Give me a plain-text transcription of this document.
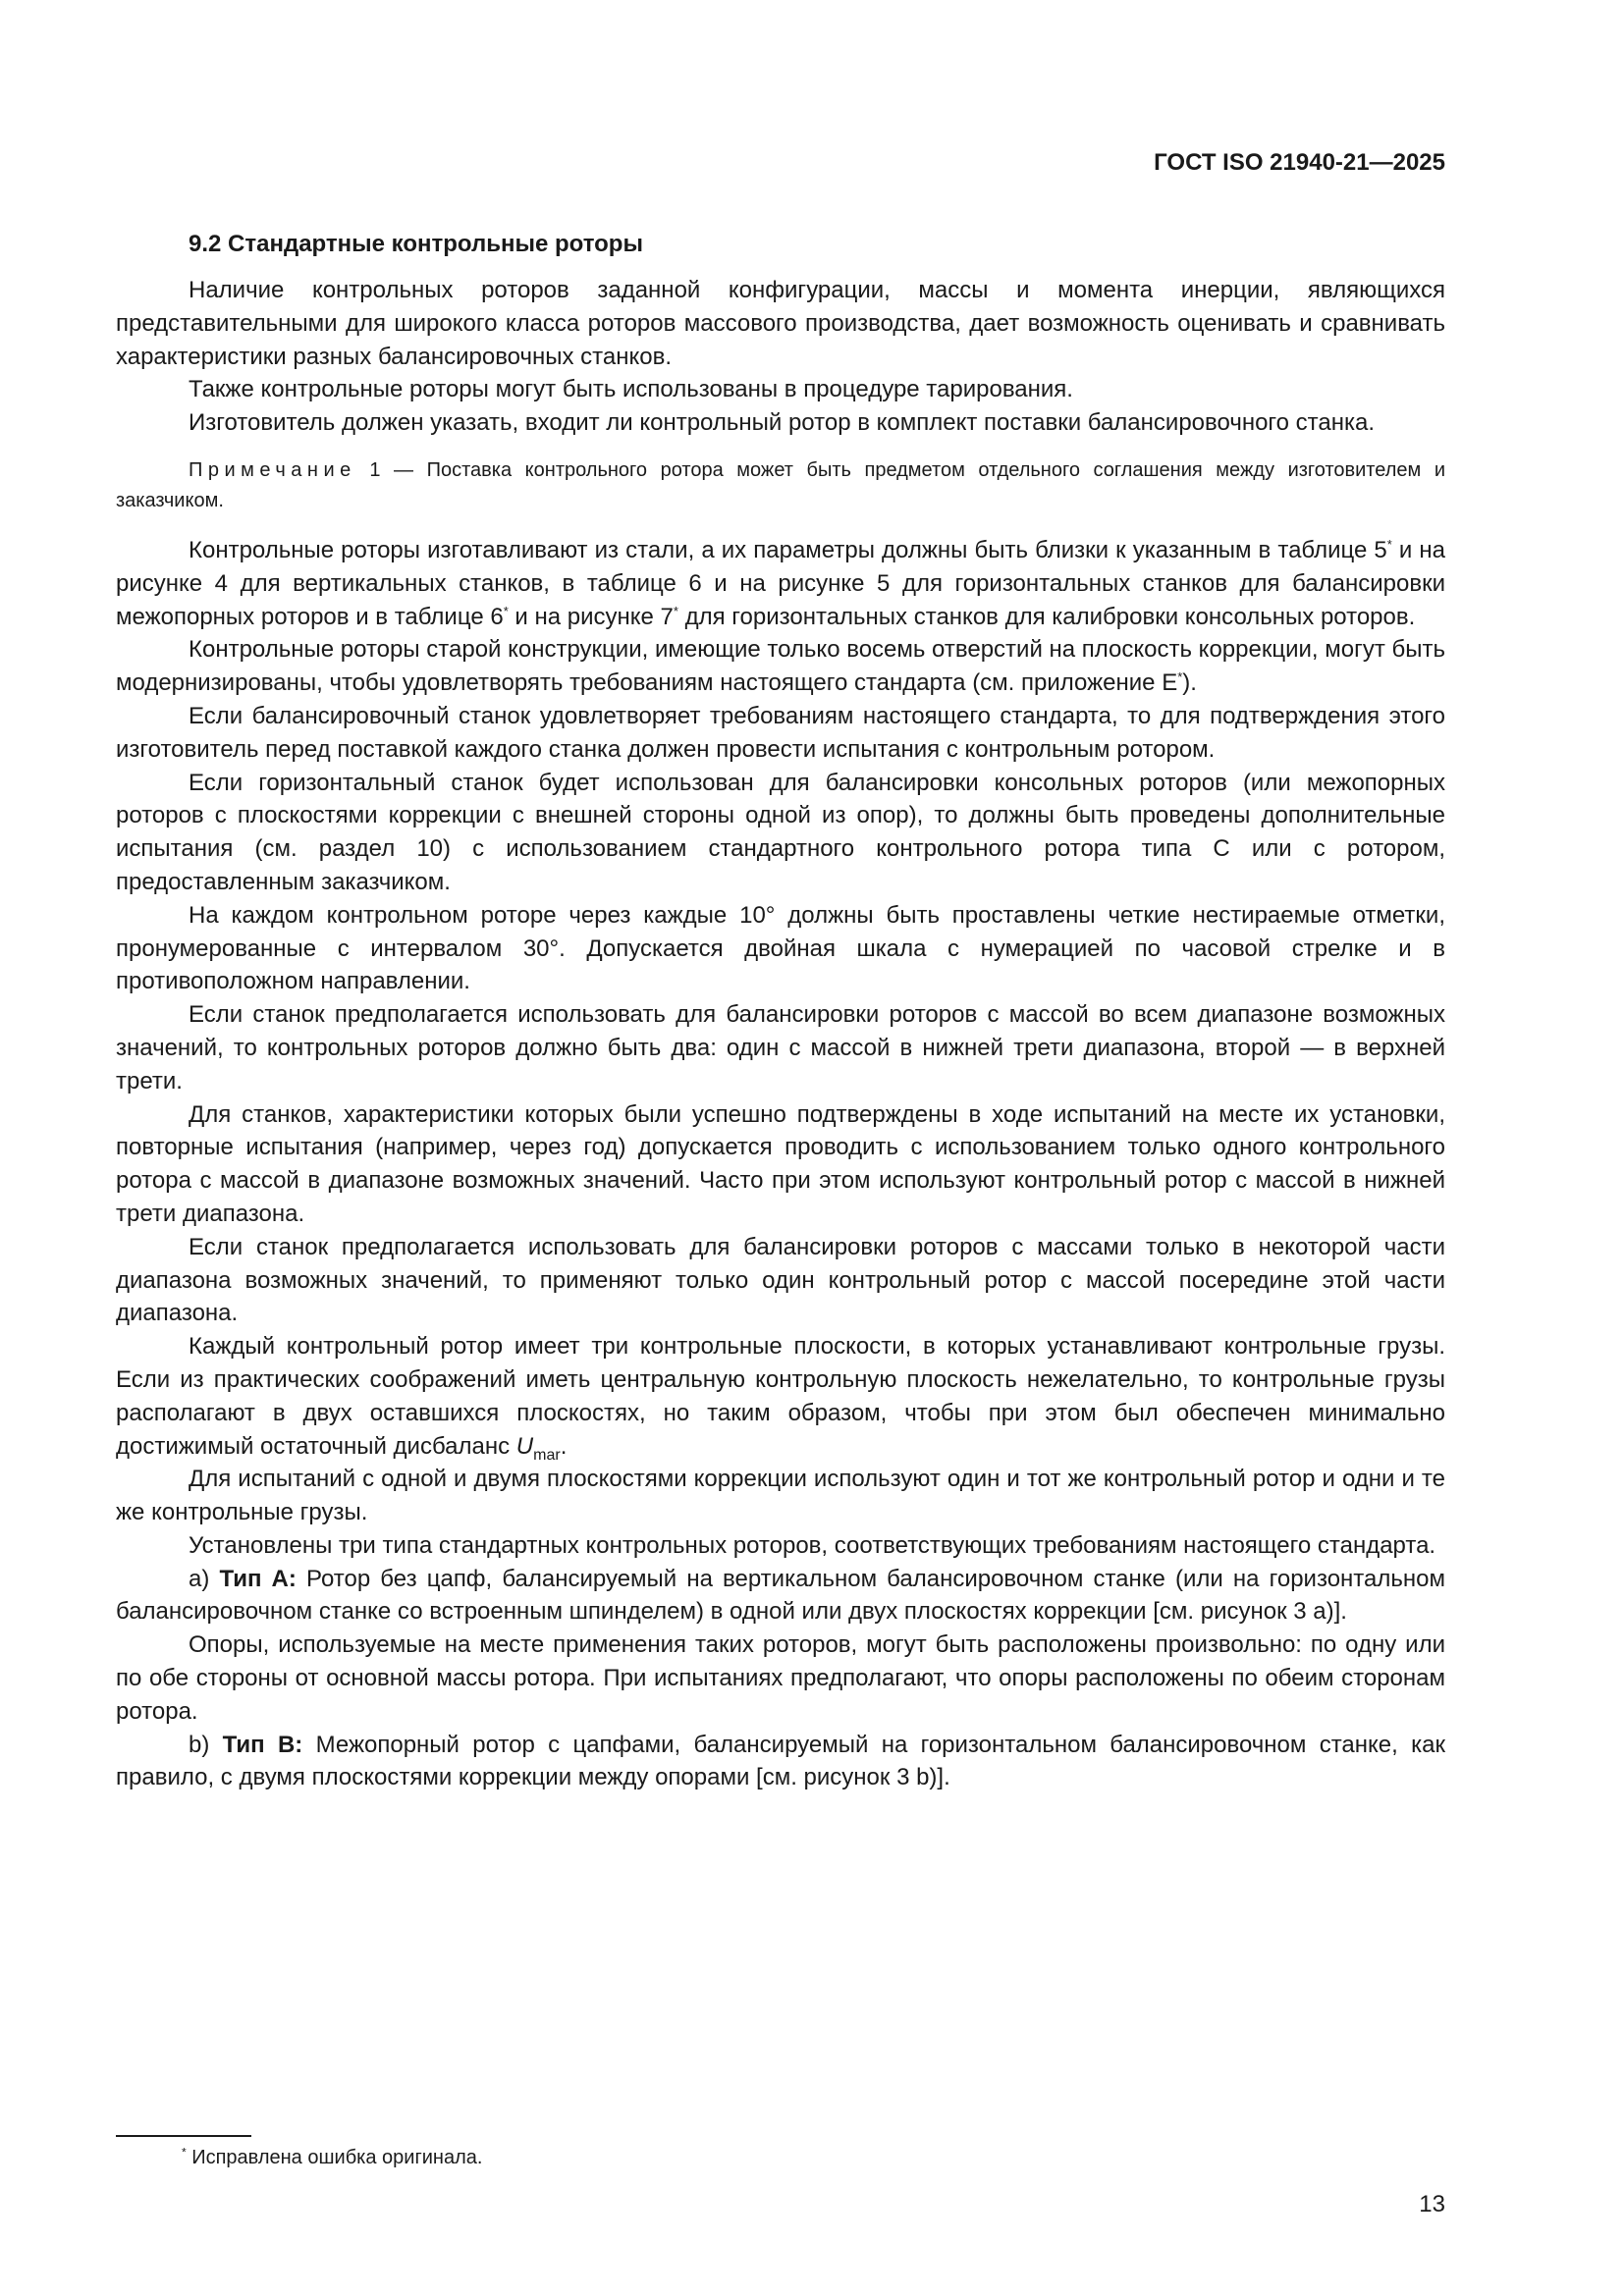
ГОСТ ISO 21940-21—2025
9.2 Стандартные контрольные роторы

Наличие контрольных роторов заданной конфигурации, массы и момента инерции, являющихся представительными для широкого класса роторов массового производства, дает возможность оценивать и сравнивать характеристики разных балансировочных станков.

Также контрольные роторы могут быть использованы в процедуре тарирования.

Изготовитель должен указать, входит ли контрольный ротор в комплект поставки балансировочного станка.

Примечание 1 — Поставка контрольного ротора может быть предметом отдельного соглашения между изготовителем и заказчиком.

Контрольные роторы изготавливают из стали, а их параметры должны быть близки к указанным в таблице 5* и на рисунке 4 для вертикальных станков, в таблице 6 и на рисунке 5 для горизонтальных станков для балансировки межопорных роторов и в таблице 6* и на рисунке 7* для горизонтальных станков для калибровки консольных роторов.

Контрольные роторы старой конструкции, имеющие только восемь отверстий на плоскость коррекции, могут быть модернизированы, чтобы удовлетворять требованиям настоящего стандарта (см. приложение Е*).

Если балансировочный станок удовлетворяет требованиям настоящего стандарта, то для подтверждения этого изготовитель перед поставкой каждого станка должен провести испытания с контрольным ротором.

Если горизонтальный станок будет использован для балансировки консольных роторов (или межопорных роторов с плоскостями коррекции с внешней стороны одной из опор), то должны быть проведены дополнительные испытания (см. раздел 10) с использованием стандартного контрольного ротора типа С или с ротором, предоставленным заказчиком.

На каждом контрольном роторе через каждые 10° должны быть проставлены четкие нестираемые отметки, пронумерованные с интервалом 30°. Допускается двойная шкала с нумерацией по часовой стрелке и в противоположном направлении.

Если станок предполагается использовать для балансировки роторов с массой во всем диапазоне возможных значений, то контрольных роторов должно быть два: один с массой в нижней трети диапазона, второй — в верхней трети.

Для станков, характеристики которых были успешно подтверждены в ходе испытаний на месте их установки, повторные испытания (например, через год) допускается проводить с использованием только одного контрольного ротора с массой в диапазоне возможных значений. Часто при этом используют контрольный ротор с массой в нижней трети диапазона.

Если станок предполагается использовать для балансировки роторов с массами только в некоторой части диапазона возможных значений, то применяют только один контрольный ротор с массой посередине этой части диапазона.

Каждый контрольный ротор имеет три контрольные плоскости, в которых устанавливают контрольные грузы. Если из практических соображений иметь центральную контрольную плоскость нежелательно, то контрольные грузы располагают в двух оставшихся плоскостях, но таким образом, чтобы при этом был обеспечен минимально достижимый остаточный дисбаланс $U_{mar}$.

Для испытаний с одной и двумя плоскостями коррекции используют один и тот же контрольный ротор и одни и те же контрольные грузы.

Установлены три типа стандартных контрольных роторов, соответствующих требованиям настоящего стандарта.

а) Тип А: Ротор без цапф, балансируемый на вертикальном балансировочном станке (или на горизонтальном балансировочном станке со встроенным шпинделем) в одной или двух плоскостях коррекции [см. рисунок 3 а)].

Опоры, используемые на месте применения таких роторов, могут быть расположены произвольно: по одну или по обе стороны от основной массы ротора. При испытаниях предполагают, что опоры расположены по обеим сторонам ротора.

b) Тип B: Межопорный ротор с цапфами, балансируемый на горизонтальном балансировочном станке, как правило, с двумя плоскостями коррекции между опорами [см. рисунок 3 b)].

* Исправлена ошибка оригинала.
13
